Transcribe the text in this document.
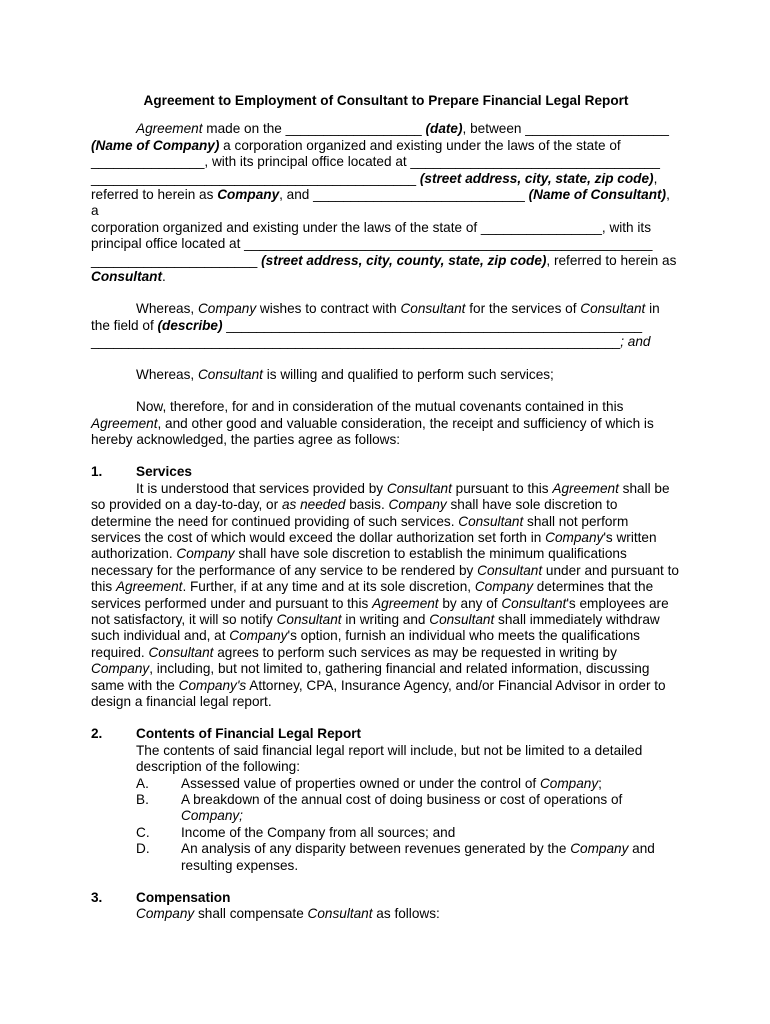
Agreement to Employment of Consultant to Prepare Financial Legal Report

Agreement made on the __________________ (date), between ___________________
(Name of Company) a corporation organized and existing under the laws of the state of
_______________, with its principal office located at _________________________________
___________________________________________ (street address, city, state, zip code),
referred to herein as Company, and ____________________________ (Name of Consultant), a
corporation organized and existing under the laws of the state of ________________, with its
principal office located at ______________________________________________________
______________________ (street address, city, county, state, zip code), referred to herein as
Consultant.

Whereas, Company wishes to contract with Consultant for the services of Consultant in
the field of (describe) _______________________________________________________
______________________________________________________________________; and

Whereas, Consultant is willing and qualified to perform such services;

Now, therefore, for and in consideration of the mutual covenants contained in this
Agreement, and other good and valuable consideration, the receipt and sufficiency of which is hereby acknowledged, the parties agree as follows:

1.	Services

It is understood that services provided by Consultant pursuant to this Agreement shall be so provided on a day-to-day, or as needed basis. Company shall have sole discretion to determine the need for continued providing of such services. Consultant shall not perform services the cost of which would exceed the dollar authorization set forth in Company's written authorization. Company shall have sole discretion to establish the minimum qualifications necessary for the performance of any service to be rendered by Consultant under and pursuant to this Agreement. Further, if at any time and at its sole discretion, Company determines that the services performed under and pursuant to this Agreement by any of Consultant's employees are not satisfactory, it will so notify Consultant in writing and Consultant shall immediately withdraw such individual and, at Company's option, furnish an individual who meets the qualifications required. Consultant agrees to perform such services as may be requested in writing by Company, including, but not limited to, gathering financial and related information, discussing same with the Company's Attorney, CPA, Insurance Agency, and/or Financial Advisor in order to design a financial legal report.

2.	Contents of Financial Legal Report
The contents of said financial legal report will include, but not be limited to a detailed description of the following:
A.	Assessed value of properties owned or under the control of Company;
B.	A breakdown of the annual cost of doing business or cost of operations of Company;
C.	Income of the Company from all sources; and
D.	An analysis of any disparity between revenues generated by the Company and resulting expenses.
3.	Compensation
Company shall compensate Consultant as follows:
